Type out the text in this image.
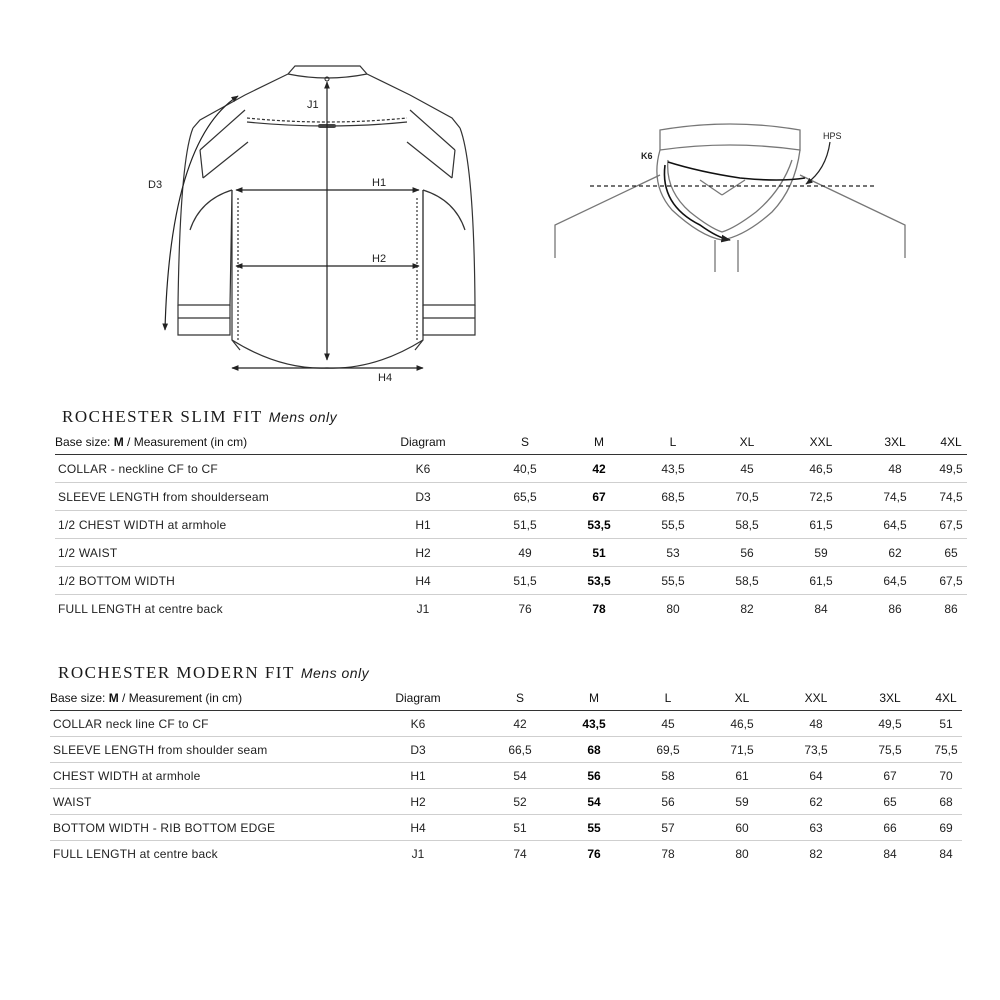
J1
D3	H1
H2
H4
K6
HPS
ROCHESTER SLIM FIT Mens only
Base size: M / Measurement (in cm)	Diagram	S	M	L	XL	XXL	3XL	4XL
COLLAR - neckline CF to CF	K6	40,5	42	43,5	45	46,5	48	49,5
SLEEVE LENGTH from shoulderseam	D3	65,5	67	68,5	70,5	72,5	74,5	74,5
1/2 CHEST WIDTH at armhole	H1	51,5	53,5	55,5	58,5	61,5	64,5	67,5
1/2 WAIST	H2	49	51	53	56	59	62	65
1/2 BOTTOM WIDTH	H4	51,5	53,5	55,5	58,5	61,5	64,5	67,5
FULL LENGTH at centre back	J1	76	78	80	82	84	86	86
ROCHESTER MODERN FIT Mens only
Base size: M / Measurement (in cm)	Diagram	S	M	L	XL	XXL	3XL	4XL
COLLAR neck line CF to CF	K6	42	43,5	45	46,5	48	49,5	51
SLEEVE LENGTH from shoulder seam	D3	66,5	68	69,5	71,5	73,5	75,5	75,5
CHEST WIDTH at armhole	H1	54	56	58	61	64	67	70
WAIST	H2	52	54	56	59	62	65	68
BOTTOM WIDTH - RIB BOTTOM EDGE	H4	51	55	57	60	63	66	69
FULL LENGTH at centre back	J1	74	76	78	80	82	84	84
